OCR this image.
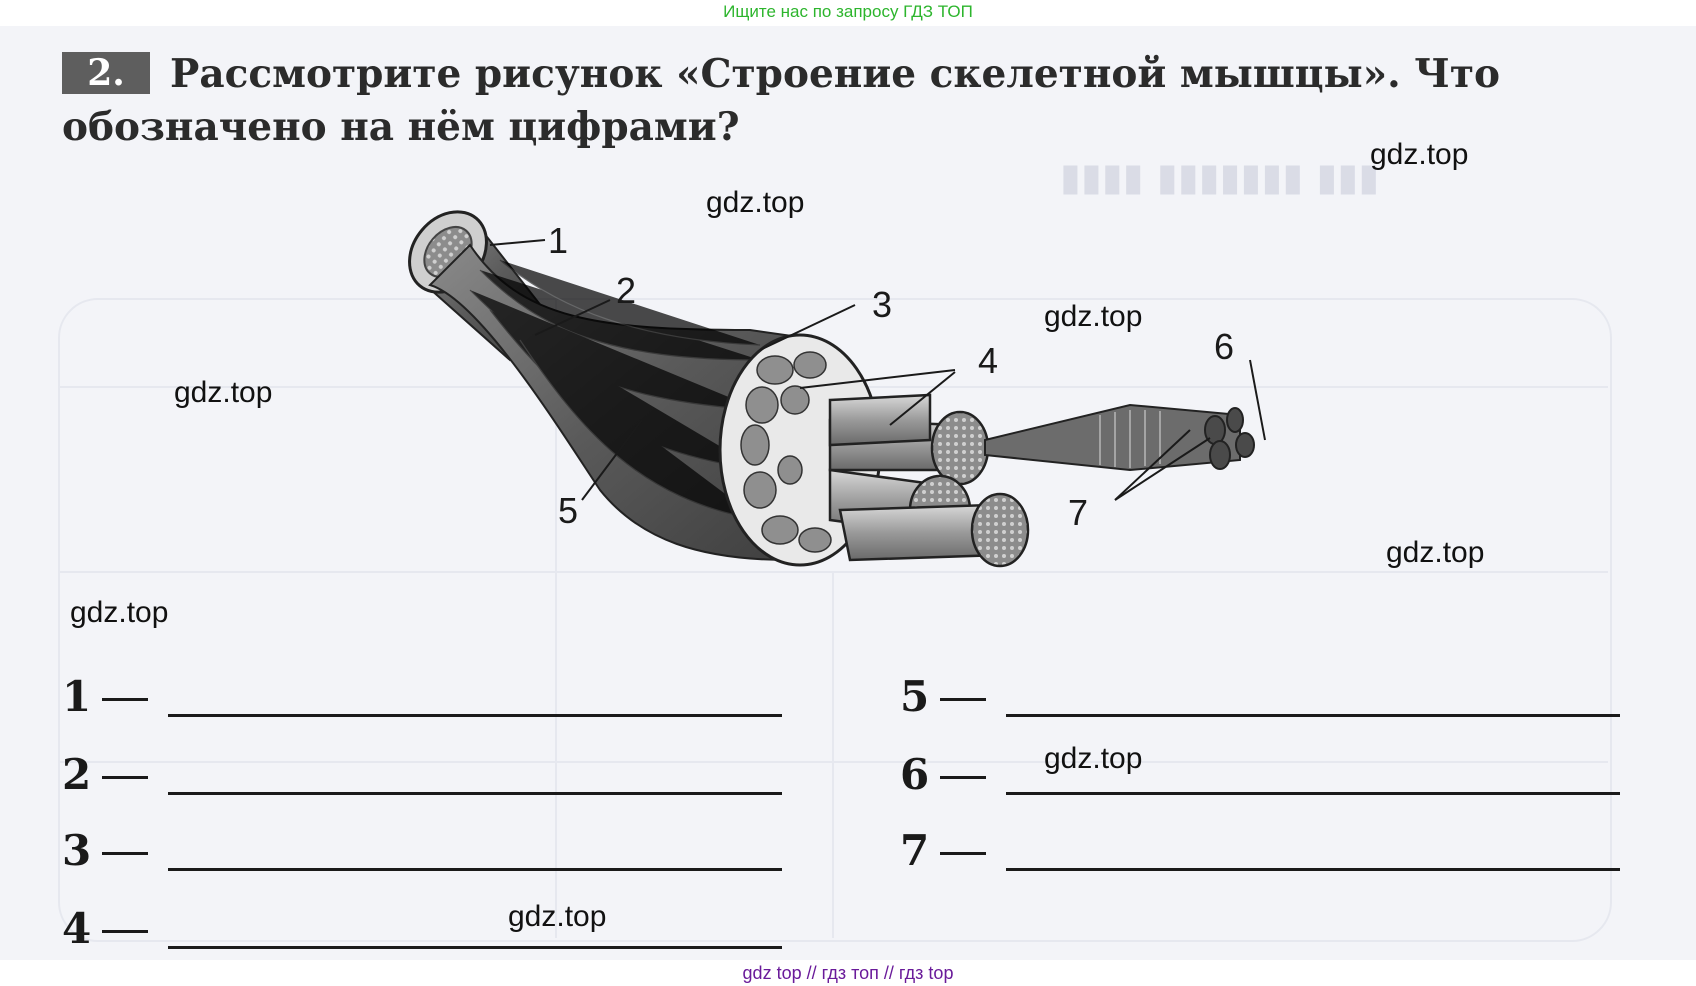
Ищите нас по запросу ГДЗ ТОП
▮▮▮ ▮▮▮▮▮▮▮ ▮▮▮▮
2.	Рассмотрите рисунок «Строение скелетной мышцы». Что обозначено на нём цифрами?
1
2	3
4
5
6
7
gdz.top
gdz.top
gdz.top
gdz.top
gdz.top
gdz.top
gdz.top
gdz.top
1
2
3
4
5
6
7
gdz top // гдз топ // гдз top
